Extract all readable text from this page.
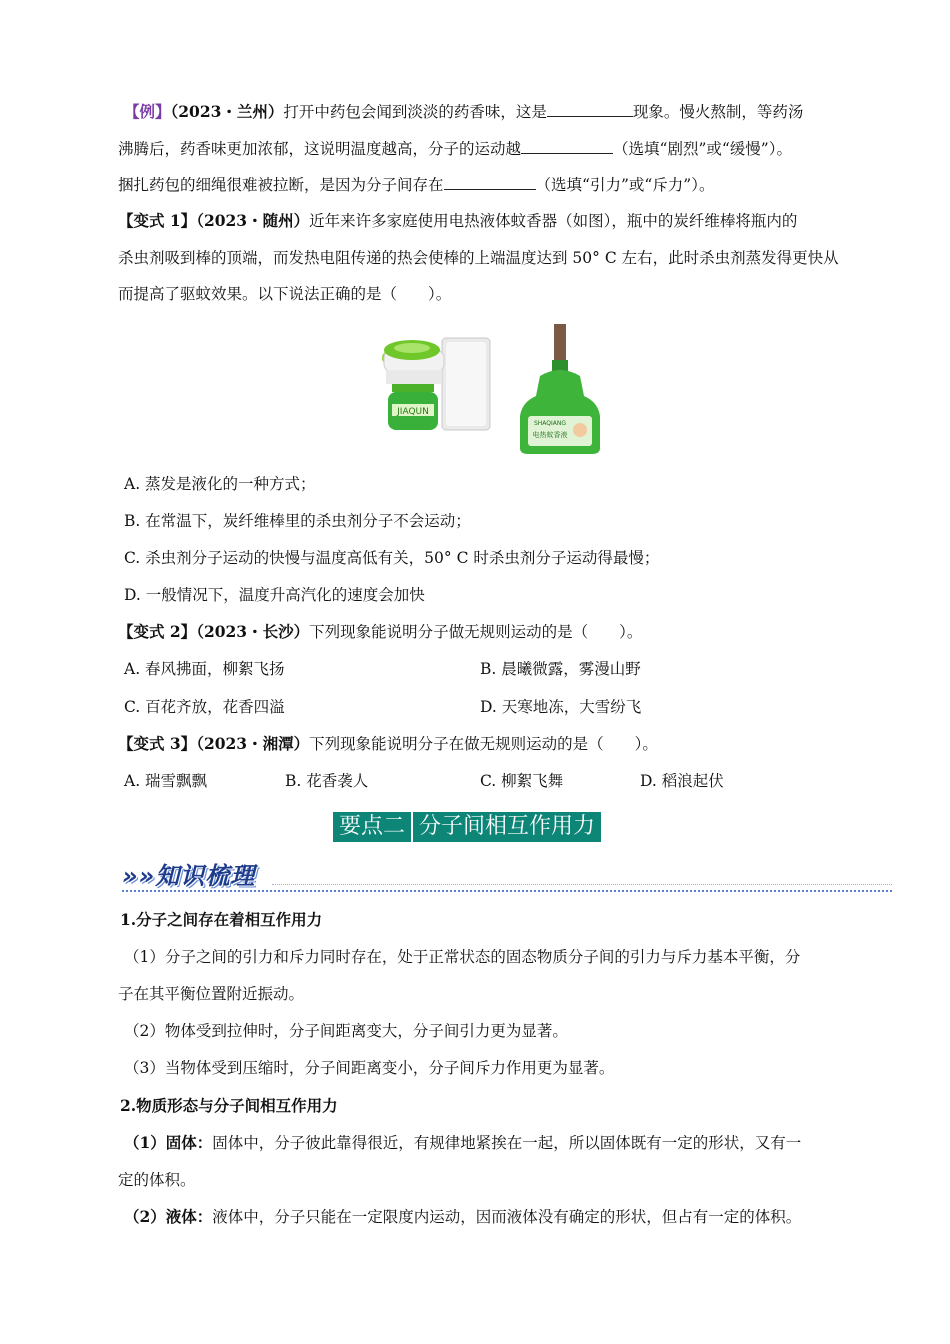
【例】（2023・兰州）打开中药包会闻到淡淡的药香味，这是	现象。慢火熬制，等药汤
沸腾后，药香味更加浓郁，这说明温度越高，分子的运动越	（选填“剧烈”或“缓慢”）。
捆扎药包的细绳很难被拉断，是因为分子间存在	（选填“引力”或“斥力”）。
【变式 1】（2023・随州）近年来许多家庭使用电热液体蚊香器（如图），瓶中的炭纤维棒将瓶内的
杀虫剂吸到棒的顶端，而发热电阻传递的热会使棒的上端温度达到 50° C 左右，此时杀虫剂蒸发得更快从
而提高了驱蚊效果。以下说法正确的是（　　）。
JIAQUN
SHAQIANG
电热蚊香液
A. 蒸发是液化的一种方式；
B. 在常温下，炭纤维棒里的杀虫剂分子不会运动；
C. 杀虫剂分子运动的快慢与温度高低有关，50° C 时杀虫剂分子运动得最慢；
D. 一般情况下，温度升高汽化的速度会加快
【变式 2】（2023・长沙）下列现象能说明分子做无规则运动的是（　　）。
A. 春风拂面，柳絮飞扬	B. 晨曦微露，雾漫山野
C. 百花齐放，花香四溢	D. 天寒地冻，大雪纷飞
【变式 3】（2023・湘潭）下列现象能说明分子在做无规则运动的是（　　）。
A. 瑞雪飘飘	B. 花香袭人	C. 柳絮飞舞	D. 稻浪起伏
要点二 分子间相互作用力
»»知识梳理
1.分子之间存在着相互作用力
（1）分子之间的引力和斥力同时存在，处于正常状态的固态物质分子间的引力与斥力基本平衡，分
子在其平衡位置附近振动。
（2）物体受到拉伸时，分子间距离变大，分子间引力更为显著。
（3）当物体受到压缩时，分子间距离变小，分子间斥力作用更为显著。
2.物质形态与分子间相互作用力
（1）固体：固体中，分子彼此靠得很近，有规律地紧挨在一起，所以固体既有一定的形状，又有一
定的体积。
（2）液体：液体中，分子只能在一定限度内运动，因而液体没有确定的形状，但占有一定的体积。
